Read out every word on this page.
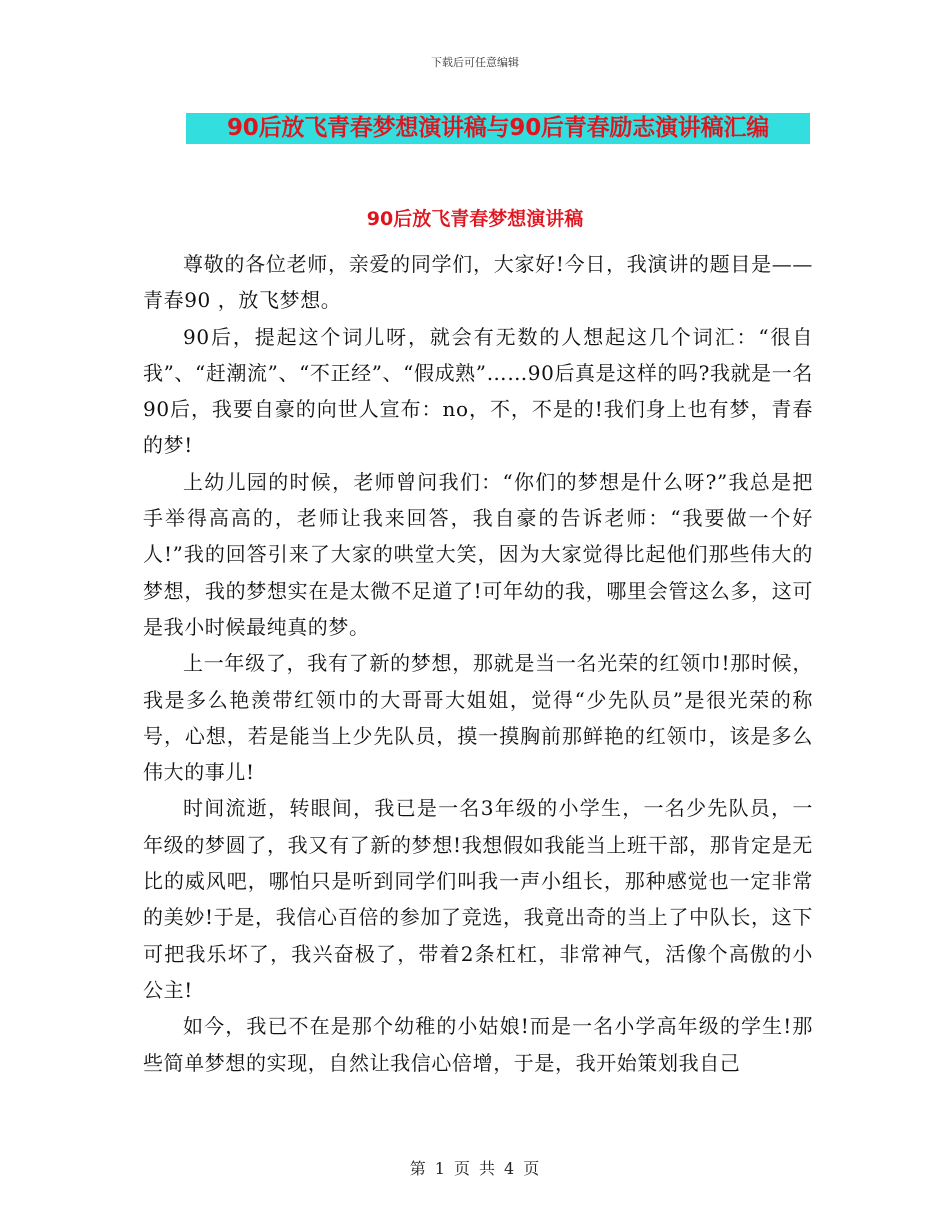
下载后可任意编辑
90后放飞青春梦想演讲稿与90后青春励志演讲稿汇编
90后放飞青春梦想演讲稿

尊敬的各位老师，亲爱的同学们，大家好!今日，我演讲的题目是——青春90 ，放飞梦想。

90后，提起这个词儿呀，就会有无数的人想起这几个词汇：“很自我”、“赶潮流”、“不正经”、“假成熟”……90后真是这样的吗?我就是一名90后，我要自豪的向世人宣布：no，不，不是的!我们身上也有梦，青春的梦!

上幼儿园的时候，老师曾问我们：“你们的梦想是什么呀?”我总是把手举得高高的，老师让我来回答，我自豪的告诉老师：“我要做一个好人!”我的回答引来了大家的哄堂大笑，因为大家觉得比起他们那些伟大的梦想，我的梦想实在是太微不足道了!可年幼的我，哪里会管这么多，这可是我小时候最纯真的梦。

上一年级了，我有了新的梦想，那就是当一名光荣的红领巾!那时候，我是多么艳羡带红领巾的大哥哥大姐姐，觉得“少先队员”是很光荣的称号，心想，若是能当上少先队员，摸一摸胸前那鲜艳的红领巾，该是多么伟大的事儿!

时间流逝，转眼间，我已是一名3年级的小学生，一名少先队员，一年级的梦圆了，我又有了新的梦想!我想假如我能当上班干部，那肯定是无比的威风吧，哪怕只是听到同学们叫我一声小组长，那种感觉也一定非常的美妙!于是，我信心百倍的参加了竞选，我竟出奇的当上了中队长，这下可把我乐坏了，我兴奋极了，带着2条杠杠，非常神气，活像个高傲的小公主!

如今，我已不在是那个幼稚的小姑娘!而是一名小学高年级的学生!那些简单梦想的实现，自然让我信心倍增，于是，我开始策划我自己

第 1 页 共 4 页
